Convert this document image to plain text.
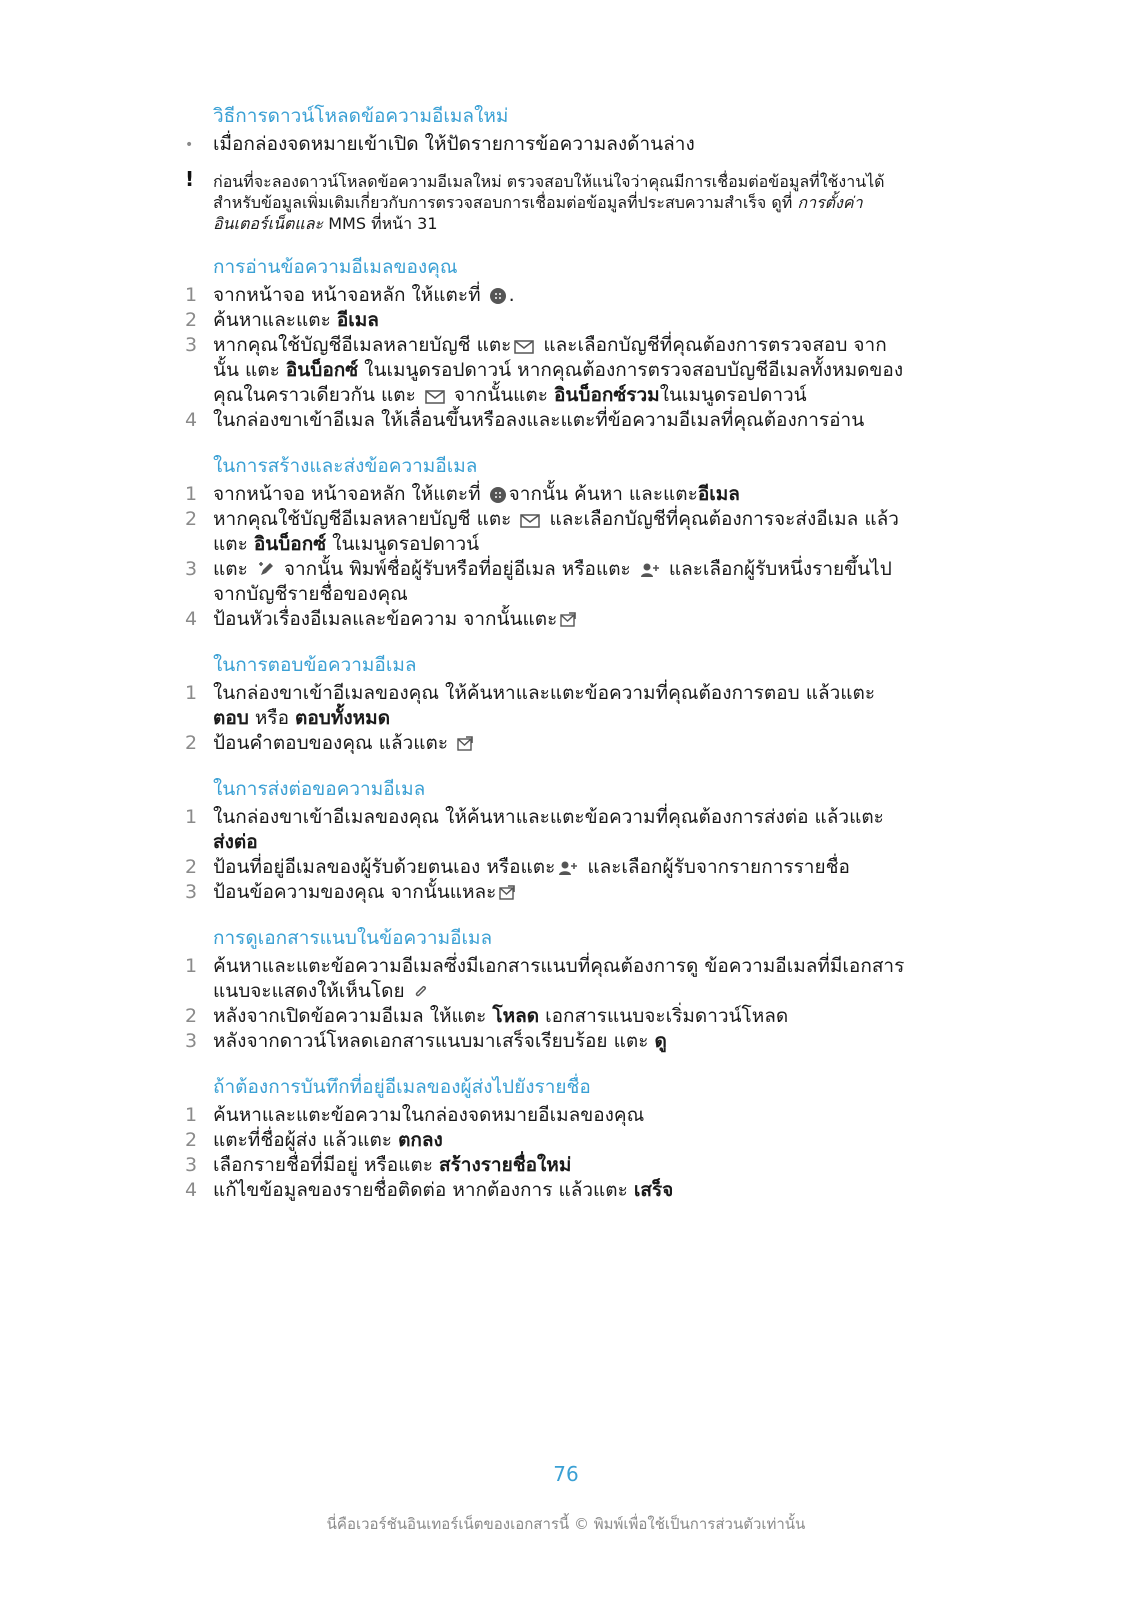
วิธีการดาวน์โหลดข้อความอีเมลใหม่
•	เมื่อกล่องจดหมายเข้าเปิด ให้ปัดรายการข้อความลงด้านล่าง
!	ก่อนที่จะลองดาวน์โหลดข้อความอีเมลใหม่ ตรวจสอบให้แน่ใจว่าคุณมีการเชื่อมต่อข้อมูลที่ใช้งานได้ สำหรับข้อมูลเพิ่มเติมเกี่ยวกับการตรวจสอบการเชื่อมต่อข้อมูลที่ประสบความสำเร็จ ดูที่ การตั้งค่าอินเตอร์เน็ตและ MMS ที่หน้า 31
การอ่านข้อความอีเมลของคุณ
1 จากหน้าจอ หน้าจอหลัก ให้แตะที่ .
2 ค้นหาและแตะ อีเมล
3 หากคุณใช้บัญชีอีเมลหลายบัญชี แตะ และเลือกบัญชีที่คุณต้องการตรวจสอบ จากนั้น แตะ อินบ็อกซ์ ในเมนูดรอปดาวน์ หากคุณต้องการตรวจสอบบัญชีอีเมลทั้งหมดของคุณในคราวเดียวกัน แตะ  จากนั้นแตะ อินบ็อกซ์รวมในเมนูดรอปดาวน์
4 ในกล่องขาเข้าอีเมล ให้เลื่อนขึ้นหรือลงและแตะที่ข้อความอีเมลที่คุณต้องการอ่าน
ในการสร้างและส่งข้อความอีเมล
1 จากหน้าจอ หน้าจอหลัก ให้แตะที่ จากนั้น ค้นหา และแตะอีเมล
2 หากคุณใช้บัญชีอีเมลหลายบัญชี แตะ  และเลือกบัญชีที่คุณต้องการจะส่งอีเมล แล้วแตะ อินบ็อกซ์ ในเมนูดรอปดาวน์
3 แตะ  จากนั้น พิมพ์ชื่อผู้รับหรือที่อยู่อีเมล หรือแตะ  และเลือกผู้รับหนึ่งรายขึ้นไปจากบัญชีรายชื่อของคุณ
4 ป้อนหัวเรื่องอีเมลและข้อความ จากนั้นแตะ
ในการตอบข้อความอีเมล
1 ในกล่องขาเข้าอีเมลของคุณ ให้ค้นหาและแตะข้อความที่คุณต้องการตอบ แล้วแตะ ตอบ หรือ ตอบทั้งหมด
2 ป้อนคำตอบของคุณ แล้วแตะ
ในการส่งต่อขอความอีเมล
1 ในกล่องขาเข้าอีเมลของคุณ ให้ค้นหาและแตะข้อความที่คุณต้องการส่งต่อ แล้วแตะ ส่งต่อ
2 ป้อนที่อยู่อีเมลของผู้รับด้วยตนเอง หรือแตะ และเลือกผู้รับจากรายการรายชื่อ
3 ป้อนข้อความของคุณ จากนั้นแหละ
การดูเอกสารแนบในข้อความอีเมล
1 ค้นหาและแตะข้อความอีเมลซึ่งมีเอกสารแนบที่คุณต้องการดู ข้อความอีเมลที่มีเอกสารแนบจะแสดงให้เห็นโดย
2 หลังจากเปิดข้อความอีเมล ให้แตะ โหลด เอกสารแนบจะเริ่มดาวน์โหลด
3 หลังจากดาวน์โหลดเอกสารแนบมาเสร็จเรียบร้อย แตะ ดู
ถ้าต้องการบันทึกที่อยู่อีเมลของผู้ส่งไปยังรายชื่อ
1 ค้นหาและแตะข้อความในกล่องจดหมายอีเมลของคุณ
2 แตะที่ชื่อผู้ส่ง แล้วแตะ ตกลง
3 เลือกรายชื่อที่มีอยู่ หรือแตะ สร้างรายชื่อใหม่
4 แก้ไขข้อมูลของรายชื่อติดต่อ หากต้องการ แล้วแตะ เสร็จ
76
นี่คือเวอร์ชันอินเทอร์เน็ตของเอกสารนี้ © พิมพ์เพื่อใช้เป็นการส่วนตัวเท่านั้น
